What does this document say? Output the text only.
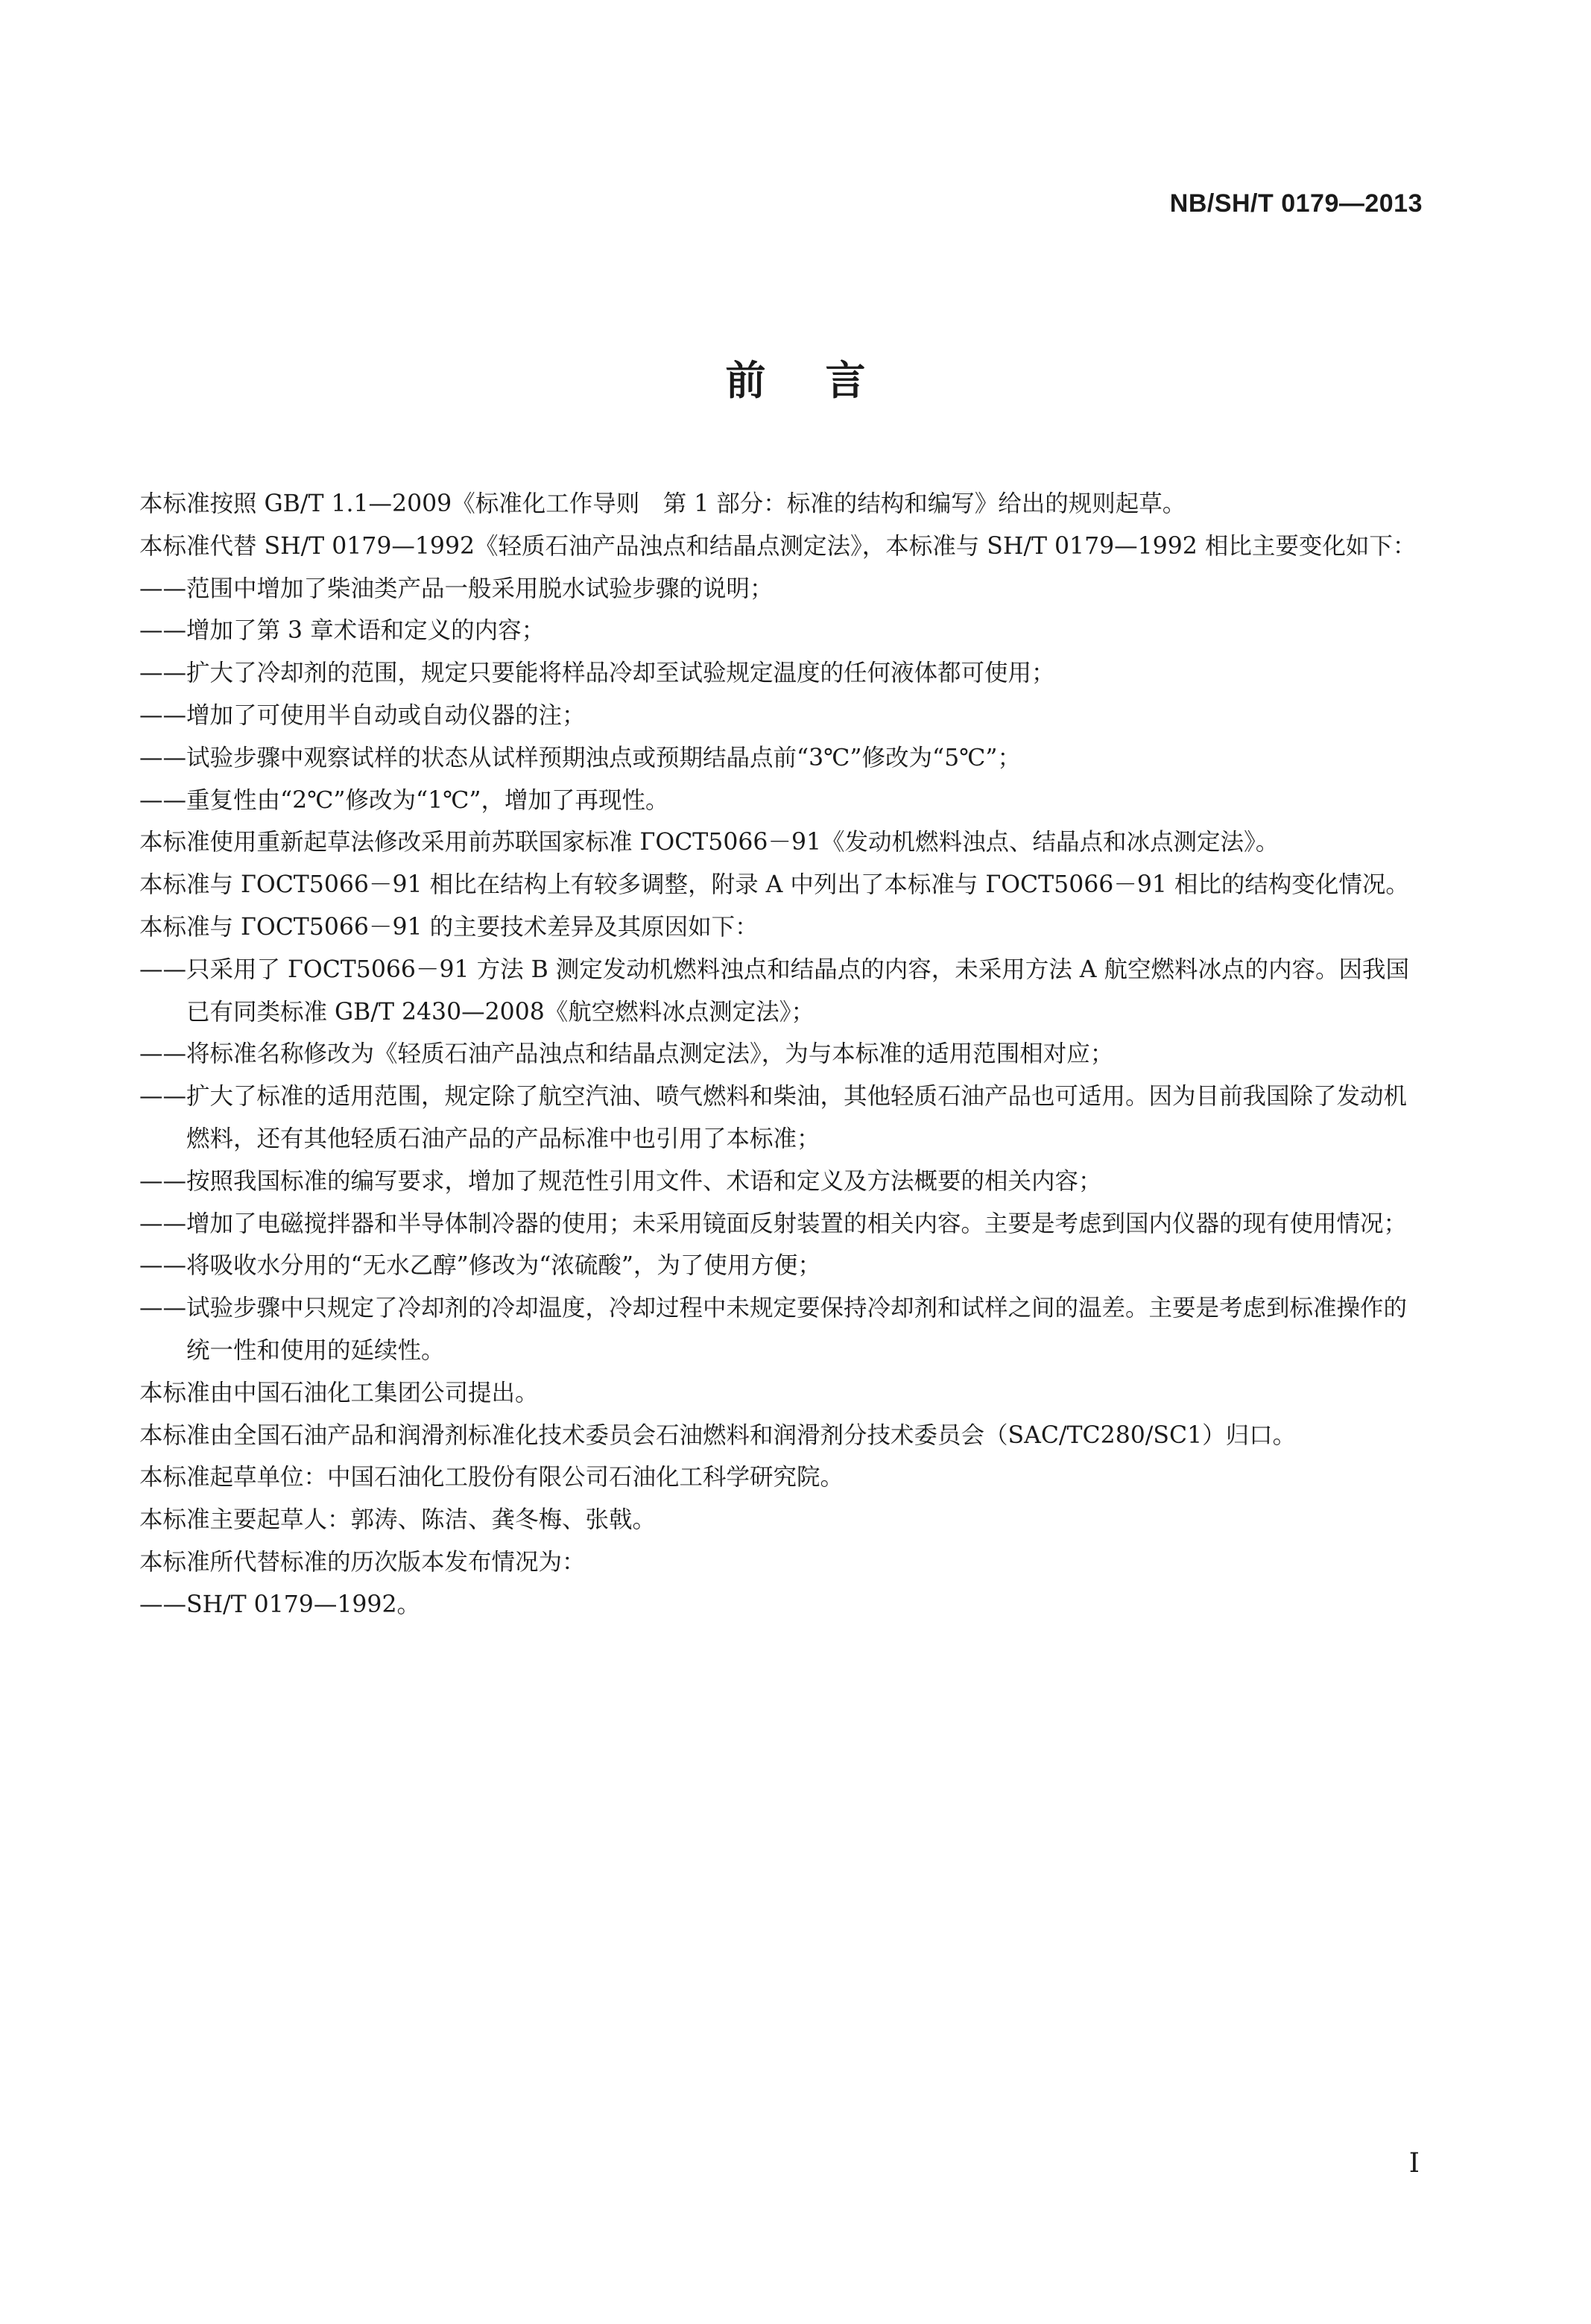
NB/SH/T 0179—2013
前言

本标准按照 GB/T 1.1—2009《标准化工作导则　第 1 部分：标准的结构和编写》给出的规则起草。

本标准代替 SH/T 0179—1992《轻质石油产品浊点和结晶点测定法》，本标准与 SH/T 0179—1992 相比主要变化如下：

——范围中增加了柴油类产品一般采用脱水试验步骤的说明；

——增加了第 3 章术语和定义的内容；

——扩大了冷却剂的范围，规定只要能将样品冷却至试验规定温度的任何液体都可使用；

——增加了可使用半自动或自动仪器的注；

——试验步骤中观察试样的状态从试样预期浊点或预期结晶点前“3℃”修改为“5℃”；

——重复性由“2℃”修改为“1℃”，增加了再现性。

本标准使用重新起草法修改采用前苏联国家标准 ГОСТ5066－91《发动机燃料浊点、结晶点和冰点测定法》。

本标准与 ГОСТ5066－91 相比在结构上有较多调整，附录 A 中列出了本标准与 ГОСТ5066－91 相比的结构变化情况。

本标准与 ГОСТ5066－91 的主要技术差异及其原因如下：

——只采用了 ГОСТ5066－91 方法 B 测定发动机燃料浊点和结晶点的内容，未采用方法 A 航空燃料冰点的内容。因我国已有同类标准 GB/T 2430—2008《航空燃料冰点测定法》；

——将标准名称修改为《轻质石油产品浊点和结晶点测定法》，为与本标准的适用范围相对应；

——扩大了标准的适用范围，规定除了航空汽油、喷气燃料和柴油，其他轻质石油产品也可适用。因为目前我国除了发动机燃料，还有其他轻质石油产品的产品标准中也引用了本标准；

——按照我国标准的编写要求，增加了规范性引用文件、术语和定义及方法概要的相关内容；

——增加了电磁搅拌器和半导体制冷器的使用；未采用镜面反射装置的相关内容。主要是考虑到国内仪器的现有使用情况；

——将吸收水分用的“无水乙醇”修改为“浓硫酸”，为了使用方便；

——试验步骤中只规定了冷却剂的冷却温度，冷却过程中未规定要保持冷却剂和试样之间的温差。主要是考虑到标准操作的统一性和使用的延续性。

本标准由中国石油化工集团公司提出。

本标准由全国石油产品和润滑剂标准化技术委员会石油燃料和润滑剂分技术委员会（SAC/TC280/SC1）归口。

本标准起草单位：中国石油化工股份有限公司石油化工科学研究院。

本标准主要起草人：郭涛、陈洁、龚冬梅、张戟。

本标准所代替标准的历次版本发布情况为：

——SH/T 0179—1992。

I
